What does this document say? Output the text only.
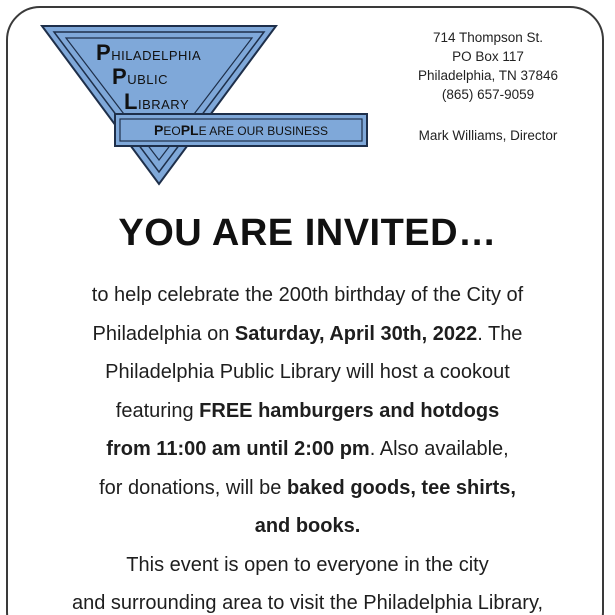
PHILADELPHIA
PUBLIC
LIBRARY
PEOPLE ARE OUR BUSINESS
714 Thompson St.
PO Box 117
Philadelphia, TN 37846
(865) 657-9059
Mark Williams, Director
YOU ARE INVITED…

to help celebrate the 200th birthday of the City of

Philadelphia on Saturday, April 30th, 2022. The

Philadelphia Public Library will host a cookout

featuring FREE hamburgers and hotdogs

from 11:00 am until 2:00 pm. Also available,

for donations, will be baked goods, tee shirts,

and books.

This event is open to everyone in the city

and surrounding area to visit the Philadelphia Library,
